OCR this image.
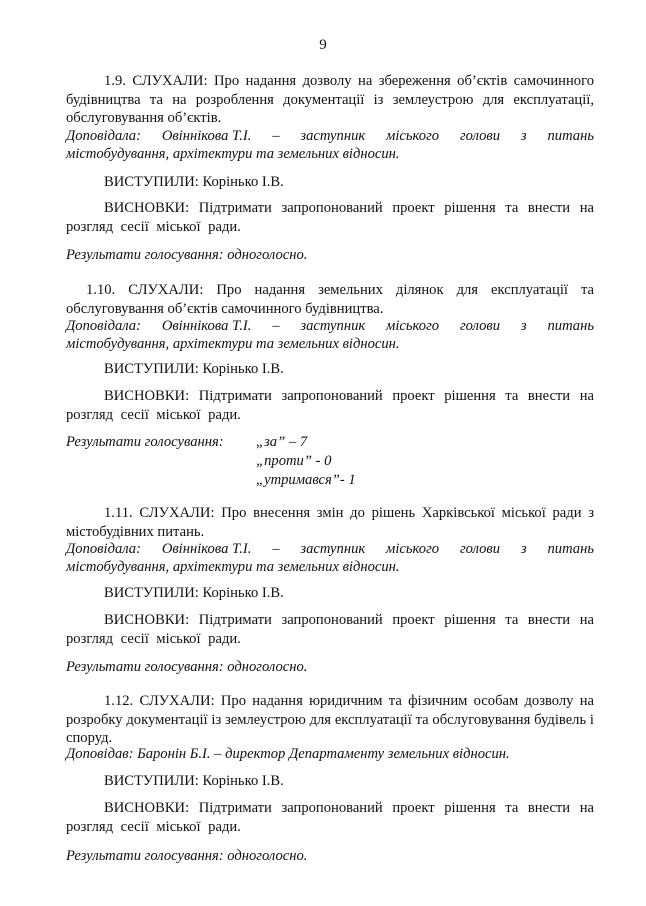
9
1.9. СЛУХАЛИ: Про надання дозволу на збереження об’єктів самочинного будівництва та на розроблення документації із землеустрою для експлуатації, обслуговування об’єктів.
Доповідала: Овіннікова Т.І. – заступник міського голови з питань
містобудування, архітектури та земельних відносин.
ВИСТУПИЛИ: Корінько І.В.
ВИСНОВКИ: Підтримати запропонований проект рішення та внести на розгляд сесії міської ради.
Результати голосування: одноголосно.
1.10. СЛУХАЛИ: Про надання земельних ділянок для експлуатації та обслуговування об’єктів самочинного будівництва.
Доповідала: Овіннікова Т.І. – заступник міського голови з питань
містобудування, архітектури та земельних відносин.
ВИСТУПИЛИ: Корінько І.В.
ВИСНОВКИ: Підтримати запропонований проект рішення та внести на розгляд сесії міської ради.
Результати голосування: „за” – 7
„проти” - 0
„утримався”- 1
1.11. СЛУХАЛИ: Про внесення змін до рішень Харківської міської ради з містобудівних питань.
Доповідала: Овіннікова Т.І. – заступник міського голови з питань
містобудування, архітектури та земельних відносин.
ВИСТУПИЛИ: Корінько І.В.
ВИСНОВКИ: Підтримати запропонований проект рішення та внести на розгляд сесії міської ради.
Результати голосування: одноголосно.
1.12. СЛУХАЛИ: Про надання юридичним та фізичним особам дозволу на розробку документації із землеустрою для експлуатації та обслуговування будівель і споруд.
Доповідав: Баронін Б.І. – директор Департаменту земельних відносин.
ВИСТУПИЛИ: Корінько І.В.
ВИСНОВКИ: Підтримати запропонований проект рішення та внести на розгляд сесії міської ради.
Результати голосування: одноголосно.
